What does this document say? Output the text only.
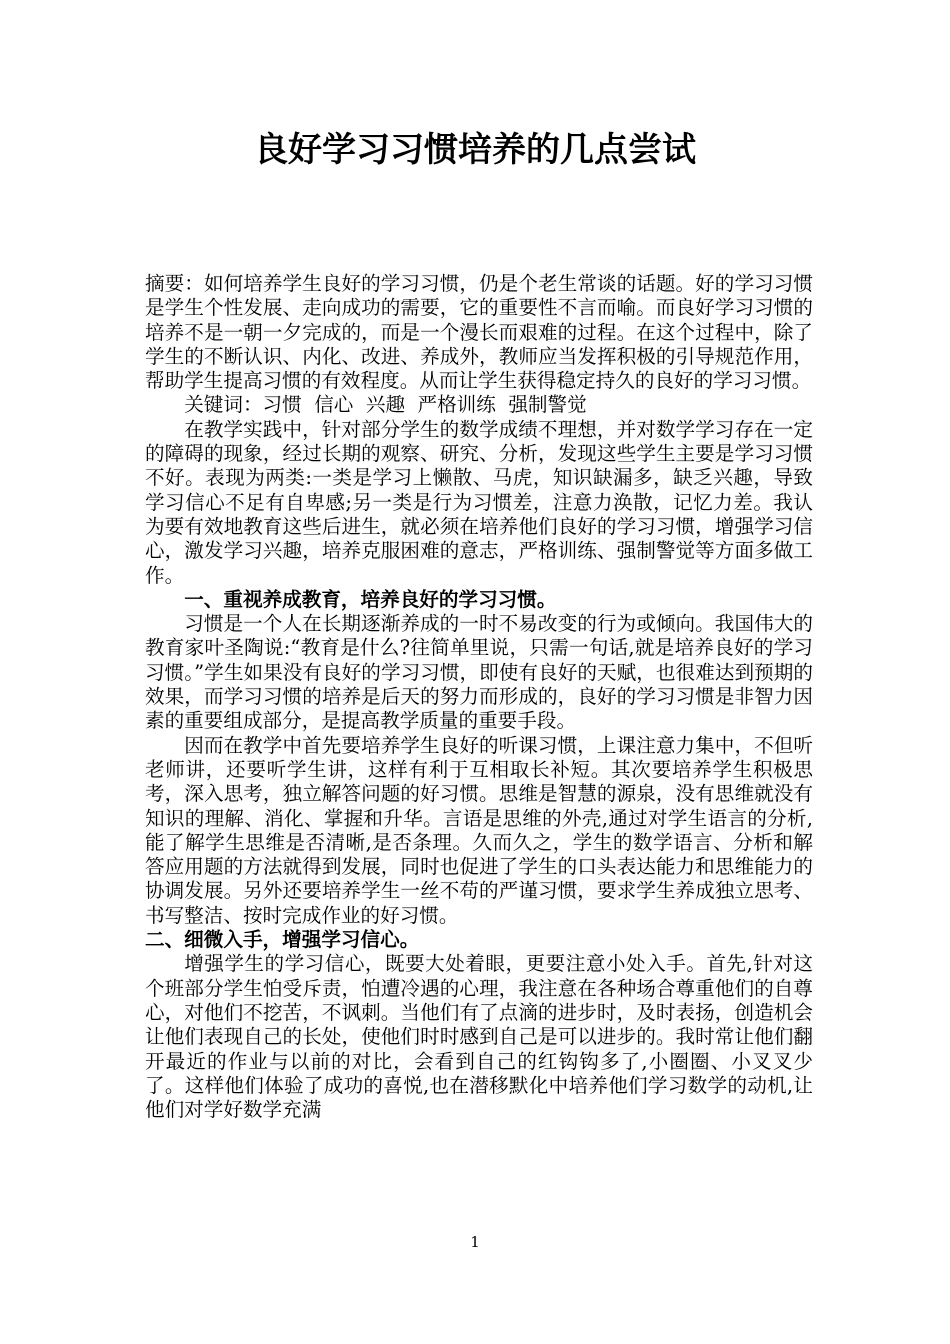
良好学习习惯培养的几点尝试

摘要：如何培养学生良好的学习习惯，仍是个老生常谈的话题。好的学习习惯是学生个性发展、走向成功的需要，它的重要性不言而喻。而良好学习习惯的培养不是一朝一夕完成的，而是一个漫长而艰难的过程。在这个过程中，除了学生的不断认识、内化、改进、养成外，教师应当发挥积极的引导规范作用，帮助学生提高习惯的有效程度。从而让学生获得稳定持久的良好的学习习惯。

关键词：习惯  信心  兴趣  严格训练  强制警觉

在教学实践中，针对部分学生的数学成绩不理想，并对数学学习存在一定的障碍的现象，经过长期的观察、研究、分析，发现这些学生主要是学习习惯不好。表现为两类:一类是学习上懒散、马虎，知识缺漏多，缺乏兴趣，导致学习信心不足有自卑感;另一类是行为习惯差，注意力涣散，记忆力差。我认为要有效地教育这些后进生，就必须在培养他们良好的学习习惯，增强学习信心，激发学习兴趣，培养克服困难的意志，严格训练、强制警觉等方面多做工作。

一、重视养成教育，培养良好的学习习惯。

习惯是一个人在长期逐渐养成的一时不易改变的行为或倾向。我国伟大的教育家叶圣陶说:“教育是什么?往简单里说，只需一句话,就是培养良好的学习习惯。”学生如果没有良好的学习习惯，即使有良好的天赋，也很难达到预期的效果，而学习习惯的培养是后天的努力而形成的，良好的学习习惯是非智力因素的重要组成部分，是提高教学质量的重要手段。

因而在教学中首先要培养学生良好的听课习惯，上课注意力集中，不但听老师讲，还要听学生讲，这样有利于互相取长补短。其次要培养学生积极思考，深入思考，独立解答问题的好习惯。思维是智慧的源泉，没有思维就没有知识的理解、消化、掌握和升华。言语是思维的外壳,通过对学生语言的分析,能了解学生思维是否清晰,是否条理。久而久之，学生的数学语言、分析和解答应用题的方法就得到发展，同时也促进了学生的口头表达能力和思维能力的协调发展。另外还要培养学生一丝不苟的严谨习惯，要求学生养成独立思考、书写整洁、按时完成作业的好习惯。

二、细微入手，增强学习信心。

增强学生的学习信心，既要大处着眼，更要注意小处入手。首先,针对这个班部分学生怕受斥责，怕遭冷遇的心理，我注意在各种场合尊重他们的自尊心，对他们不挖苦，不讽刺。当他们有了点滴的进步时，及时表扬，创造机会让他们表现自己的长处，使他们时时感到自己是可以进步的。我时常让他们翻开最近的作业与以前的对比，会看到自己的红钩钩多了,小圈圈、小叉叉少了。这样他们体验了成功的喜悦,也在潜移默化中培养他们学习数学的动机,让他们对学好数学充满

1
